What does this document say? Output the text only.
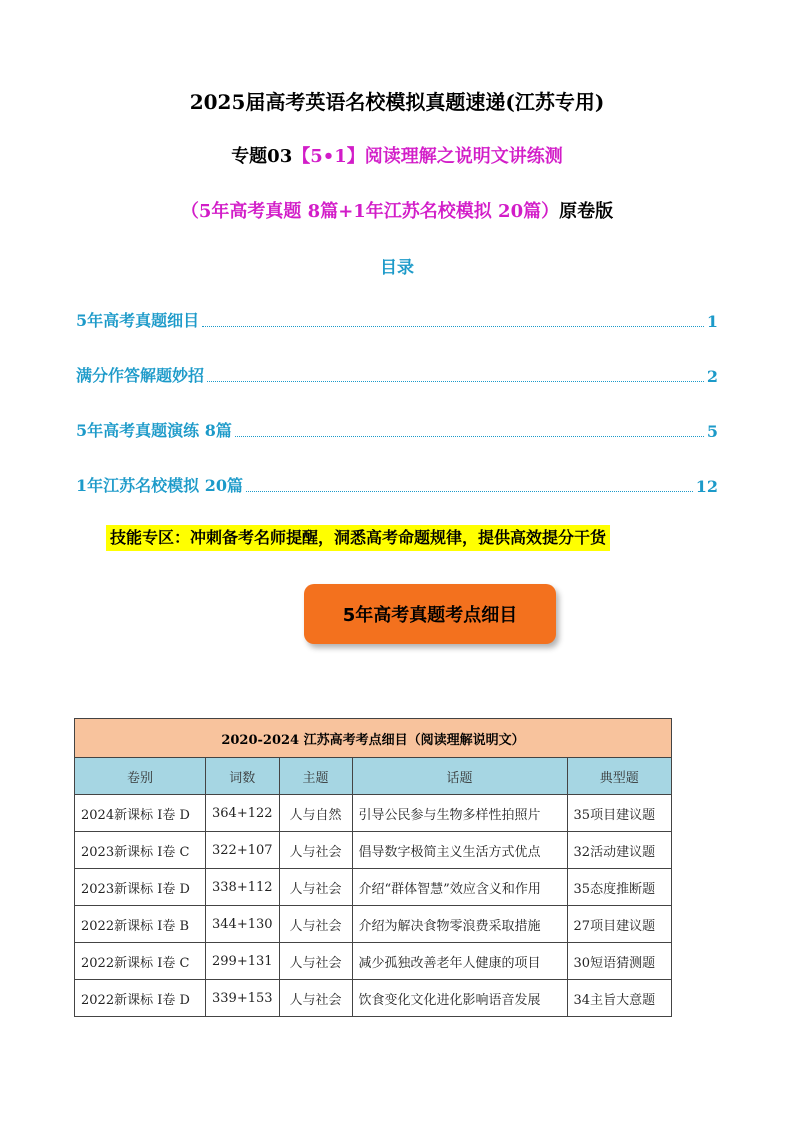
2025届高考英语名校模拟真题速递(江苏专用)
专题03【5•1】阅读理解之说明文讲练测
（5年高考真题 8篇+1年江苏名校模拟 20篇）原卷版
目录
5年高考真题细目	1
满分作答解题妙招	2
5年高考真题演练 8篇	5
1年江苏名校模拟 20篇	12
技能专区：冲刺备考名师提醒，洞悉高考命题规律，提供高效提分干货
5年高考真题考点细目
2020-2024 江苏高考考点细目（阅读理解说明文）				
卷别	词数	主题	话题	典型题
2024新课标 I卷 D	364+122	人与自然	引导公民参与生物多样性拍照片	35项目建议题
2023新课标 I卷 C	322+107	人与社会	倡导数字极简主义生活方式优点	32活动建议题
2023新课标 I卷 D	338+112	人与社会	介绍“群体智慧”效应含义和作用	35态度推断题
2022新课标 I卷 B	344+130	人与社会	介绍为解决食物零浪费采取措施	27项目建议题
2022新课标 I卷 C	299+131	人与社会	减少孤独改善老年人健康的项目	30短语猜测题
2022新课标 I卷 D	339+153	人与社会	饮食变化文化进化影响语音发展	34主旨大意题
